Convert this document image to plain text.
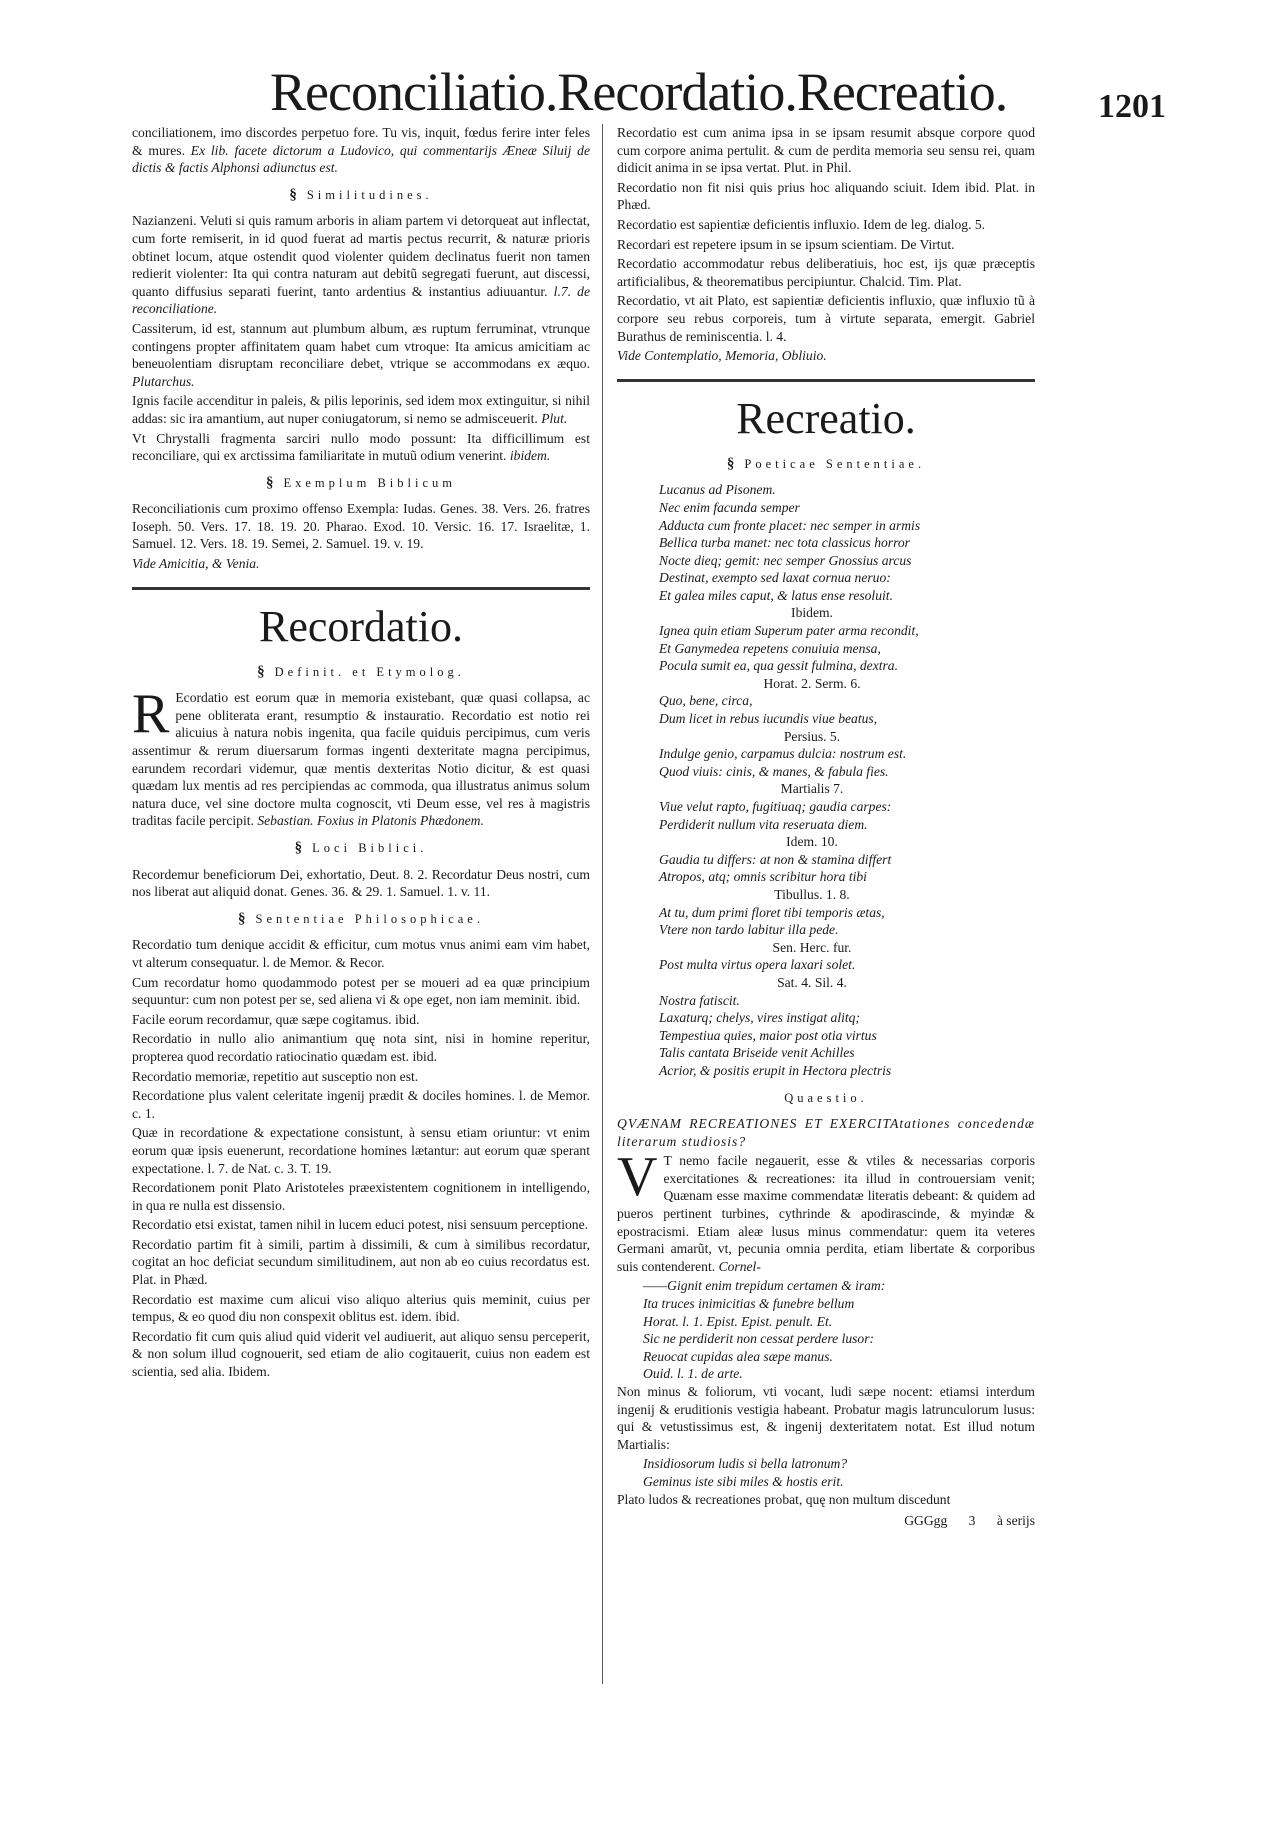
Reconciliatio.Recordatio.Recreatio.	1201

conciliationem, imo discordes perpetuo fore. Tu vis, inquit, fœdus ferire inter feles & mures. Ex lib. facete dictorum a Ludovico, qui commentarijs Æneæ Siluij de dictis & factis Alphonsi adiunctus est.

§ Similitudines.

Nazianzeni. Veluti si quis ramum arboris in aliam partem vi detorqueat aut inflectat, cum forte remiserit, in id quod fuerat ad martis pectus recurrit, & naturæ prioris obtinet locum, atque ostendit quod violenter quidem declinatus fuerit non tamen redierit violenter: Ita qui contra naturam aut debitũ segregati fuerunt, aut discessi, quanto diffusius separati fuerint, tanto ardentius & instantius adiuuantur. l.7. de reconciliatione.

Cassiterum, id est, stannum aut plumbum album, æs ruptum ferruminat, vtrunque contingens propter affinitatem quam habet cum vtroque: Ita amicus amicitiam ac beneuolentiam disruptam reconciliare debet, vtrique se accommodans ex æquo. Plutarchus.

Ignis facile accenditur in paleis, & pilis leporinis, sed idem mox extinguitur, si nihil addas: sic ira amantium, aut nuper coniugatorum, si nemo se admisceuerit. Plut.

Vt Chrystalli fragmenta sarciri nullo modo possunt: Ita difficillimum est reconciliare, qui ex arctissima familiaritate in mutuũ odium venerint. ibidem.

§ Exemplum Biblicum

Reconciliationis cum proximo offenso Exempla: Iudas. Genes. 38. Vers. 26. fratres Ioseph. 50. Vers. 17. 18. 19. 20. Pharao. Exod. 10. Versic. 16. 17. Israelitæ, 1. Samuel. 12. Vers. 18. 19. Semei, 2. Samuel. 19. v. 19.

Vide Amicitia, & Venia.

Recordatio.
§ Definit. et Etymolog.

R Ecordatio est eorum quæ in memoria existebant, quæ quasi collapsa, ac pene obliterata erant, resumptio & instauratio. Recordatio est notio rei alicuius à natura nobis ingenita, qua facile quiduis percipimus, cum veris assentimur & rerum diuersarum formas ingenti dexteritate magna percipimus, earundem recordari videmur, quæ mentis dexteritas Notio dicitur, & est quasi quædam lux mentis ad res percipiendas ac commoda, qua illustratus animus solum natura duce, vel sine doctore multa cognoscit, vti Deum esse, vel res à magistris traditas facile percipit. Sebastian. Foxius in Platonis Phædonem.

§ Loci Biblici.

Recordemur beneficiorum Dei, exhortatio, Deut. 8. 2. Recordatur Deus nostri, cum nos liberat aut aliquid donat. Genes. 36. & 29. 1. Samuel. 1. v. 11.

§ Sententiae Philosophicae.

Recordatio tum denique accidit & efficitur, cum motus vnus animi eam vim habet, vt alterum consequatur. l. de Memor. & Recor.

Cum recordatur homo quodammodo potest per se moueri ad ea quæ principium sequuntur: cum non potest per se, sed aliena vi & ope eget, non iam meminit. ibid.

Facile eorum recordamur, quæ sæpe cogitamus. ibid.

Recordatio in nullo alio animantium quę nota sint, nisi in homine reperitur, propterea quod recordatio ratiocinatio quædam est. ibid.

Recordatio memoriæ, repetitio aut susceptio non est.

Recordatione plus valent celeritate ingenij prædit & dociles homines. l. de Memor. c. 1.

Quæ in recordatione & expectatione consistunt, à sensu etiam oriuntur: vt enim eorum quæ ipsis euenerunt, recordatione homines lætantur: aut eorum quæ sperant expectatione. l. 7. de Nat. c. 3. T. 19.

Recordationem ponit Plato Aristoteles præexistentem cognitionem in intelligendo, in qua re nulla est dissensio.

Recordatio etsi existat, tamen nihil in lucem educi potest, nisi sensuum perceptione.

Recordatio partim fit à simili, partim à dissimili, & cum à similibus recordatur, cogitat an hoc deficiat secundum similitudinem, aut non ab eo cuius recordatus est. Plat. in Phæd.

Recordatio est maxime cum alicui viso aliquo alterius quis meminit, cuius per tempus, & eo quod diu non conspexit oblitus est. idem. ibid.

Recordatio fit cum quis aliud quid viderit vel audiuerit, aut aliquo sensu perceperit, & non solum illud cognouerit, sed etiam de alio cogitauerit, cuius non eadem est scientia, sed alia. Ibidem.

Recordatio est cum anima ipsa in se ipsam resumit absque corpore quod cum corpore anima pertulit. & cum de perdita memoria seu sensu rei, quam didicit anima in se ipsa vertat. Plut. in Phil.

Recordatio non fit nisi quis prius hoc aliquando sciuit. Idem ibid. Plat. in Phæd.

Recordatio est sapientiæ deficientis influxio. Idem de leg. dialog. 5.

Recordari est repetere ipsum in se ipsum scientiam. De Virtut.

Recordatio accommodatur rebus deliberatiuis, hoc est, ijs quæ præceptis artificialibus, & theorematibus percipiuntur. Chalcid. Tim. Plat.

Recordatio, vt ait Plato, est sapientiæ deficientis influxio, quæ influxio tũ à corpore seu rebus corporeis, tum à virtute separata, emergit. Gabriel Burathus de reminiscentia. l. 4.

Vide Contemplatio, Memoria, Obliuio.

Recreatio.
§ Poeticae Sententiae.
Lucanus ad Pisonem.
Nec enim facunda semper
Adducta cum fronte placet: nec semper in armis
Bellica turba manet: nec tota classicus horror
Nocte dieq; gemit: nec semper Gnossius arcus
Destinat, exempto sed laxat cornua neruo:
Et galea miles caput, & latus ense resoluit.
Ibidem.
Ignea quin etiam Superum pater arma recondit,
Et Ganymedea repetens conuiuia mensa,
Pocula sumit ea, qua gessit fulmina, dextra.
Horat. 2. Serm. 6.
Quo, bene, circa,
Dum licet in rebus iucundis viue beatus,
Persius. 5.
Indulge genio, carpamus dulcia: nostrum est.
Quod viuis: cinis, & manes, & fabula fies.
Martialis 7.
Viue velut rapto, fugitiuaq; gaudia carpes:
Perdiderit nullum vita reseruata diem.
Idem. 10.
Gaudia tu differs: at non & stamina differt
Atropos, atq; omnis scribitur hora tibi
Tibullus. 1. 8.
At tu, dum primi floret tibi temporis ætas,
Vtere non tardo labitur illa pede.
Sen. Herc. fur.
Post multa virtus opera laxari solet.
Sat. 4. Sil. 4.
Nostra fatiscit.
Laxaturq; chelys, vires instigat alitq;
Tempestiua quies, maior post otia virtus
Talis cantata Briseide venit Achilles
Acrior, & positis erupit in Hectora plectris
Quaestio.

QVÆNAM RECREATIONES ET EXERCITAtationes concedendæ literarum studiosis?

V T nemo facile negauerit, esse & vtiles & necessarias corporis exercitationes & recreationes: ita illud in controuersiam venit; Quænam esse maxime commendatæ literatis debeant: & quidem ad pueros pertinent turbines, cythrinde & apodirascinde, & myindæ & epostracismi. Etiam aleæ lusus minus commendatur: quem ita veteres Germani amarũt, vt, pecunia omnia perdita, etiam libertate & corporibus suis contenderent. Cornel-

——Gignit enim trepidum certamen & iram:
Ita truces inimicitias & funebre bellum
Horat. l. 1. Epist. Epist. penult. Et.
Sic ne perdiderit non cessat perdere lusor:
Reuocat cupidas alea sæpe manus.
Ouid. l. 1. de arte.

Non minus & foliorum, vti vocant, ludi sæpe nocent: etiamsi interdum ingenij & eruditionis vestigia habeant. Probatur magis latrunculorum lusus: qui & vetustissimus est, & ingenij dexteritatem notat. Est illud notum Martialis:

Insidiosorum ludis si bella latronum?
Geminus iste sibi miles & hostis erit.

Plato ludos & recreationes probat, quę non multum discedunt

GGGgg 3 à serijs
